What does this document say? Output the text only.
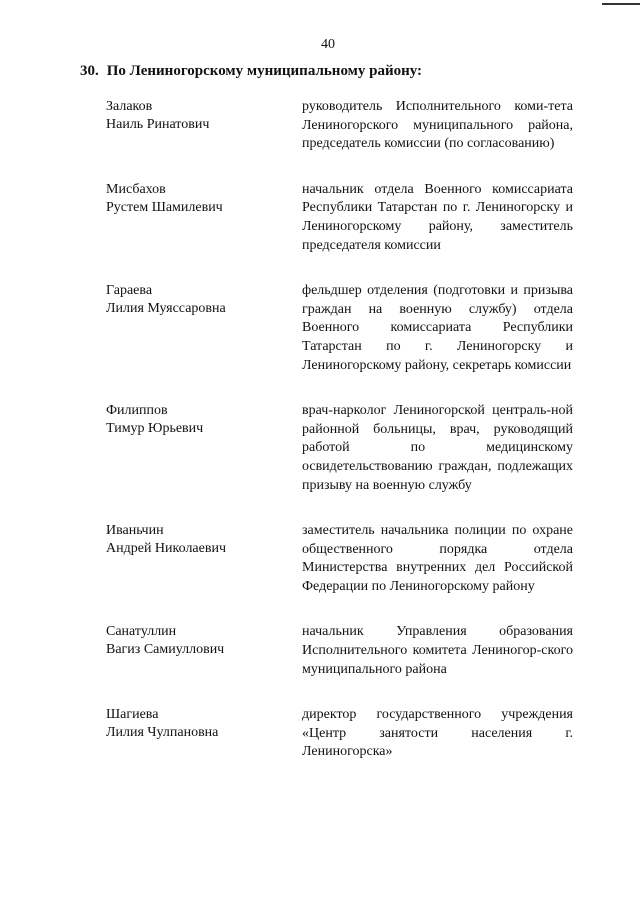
40
30. По Лениногорскому муниципальному району:
Залаков
Наиль Ринатович
руководитель Исполнительного коми-тета Лениногорского муниципального района, председатель комиссии (по согласованию)
Мисбахов
Рустем Шамилевич
начальник отдела Военного комиссариата Республики Татарстан по г. Лениногорску и Лениногорскому району, заместитель председателя комиссии
Гараева
Лилия Муяссаровна
фельдшер отделения (подготовки и призыва граждан на военную службу) отдела Военного комиссариата Республики Татарстан по г. Лениногорску и Лениногорскому району, секретарь комиссии
Филиппов
Тимур Юрьевич
врач-нарколог Лениногорской централь-ной районной больницы, врач, руководящий работой по медицинскому освидетельствованию граждан, подлежащих призыву на военную службу
Иваньчин
Андрей Николаевич
заместитель начальника полиции по охране общественного порядка отдела Министерства внутренних дел Российской Федерации по Лениногорскому району
Санатуллин
Вагиз Самиуллович
начальник Управления образования Исполнительного комитета Лениногор-ского муниципального района
Шагиева
Лилия Чулпановна
директор государственного учреждения «Центр занятости населения г. Лениногорска»
